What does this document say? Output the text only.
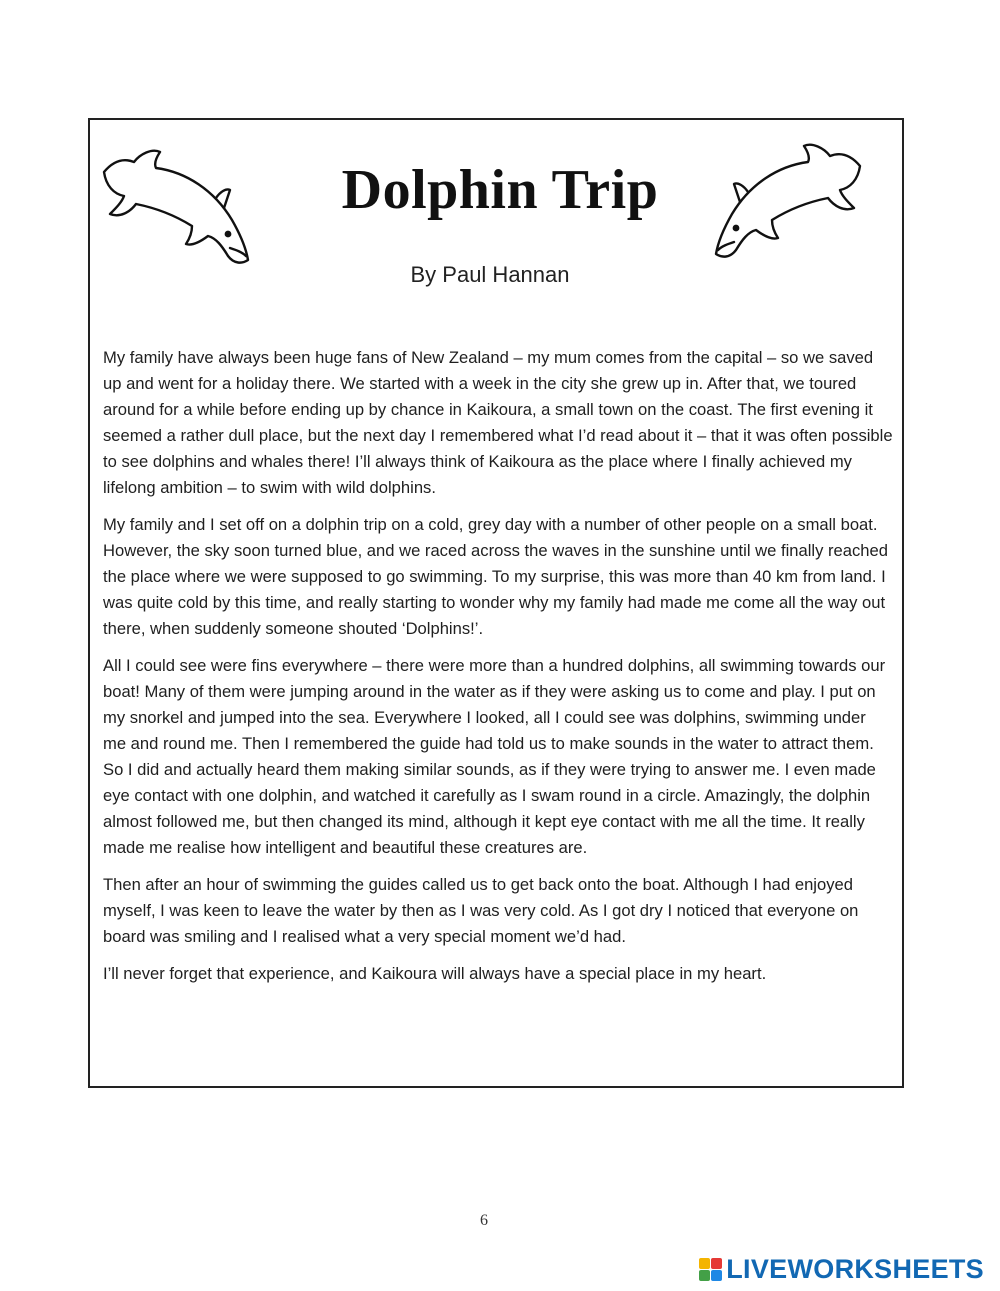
Dolphin Trip

By Paul Hannan

My family have always been huge fans of New Zealand – my mum comes from the capital – so we saved up and went for a holiday there. We started with a week in the city she grew up in. After that, we toured around for a while before ending up by chance in Kaikoura, a small town on the coast. The first evening it seemed a rather dull place, but the next day I remembered what I’d read about it – that it was often possible to see dolphins and whales there! I’ll always think of Kaikoura as the place where I finally achieved my lifelong ambition – to swim with wild dolphins.

My family and I set off on a dolphin trip on a cold, grey day with a number of other people on a small boat. However, the sky soon turned blue, and we raced across the waves in the sunshine until we finally reached the place where we were supposed to go swimming. To my surprise, this was more than 40 km from land. I was quite cold by this time, and really starting to wonder why my family had made me come all the way out there, when suddenly someone shouted ‘Dolphins!’.

All I could see were fins everywhere – there were more than a hundred dolphins, all swimming towards our boat! Many of them were jumping around in the water as if they were asking us to come and play. I put on my snorkel and jumped into the sea. Everywhere I looked, all I could see was dolphins, swimming under me and round me. Then I remembered the guide had told us to make sounds in the water to attract them. So I did and actually heard them making similar sounds, as if they were trying to answer me. I even made eye contact with one dolphin, and watched it carefully as I swam round in a circle. Amazingly, the dolphin almost followed me, but then changed its mind, although it kept eye contact with me all the time. It really made me realise how intelligent and beautiful these creatures are.

Then after an hour of swimming the guides called us to get back onto the boat. Although I had enjoyed myself, I was keen to leave the water by then as I was very cold. As I got dry I noticed that everyone on board was smiling and I realised what a very special moment we’d had.

I’ll never forget that experience, and Kaikoura will always have a special place in my heart.

6
LIVEWORKSHEETS
